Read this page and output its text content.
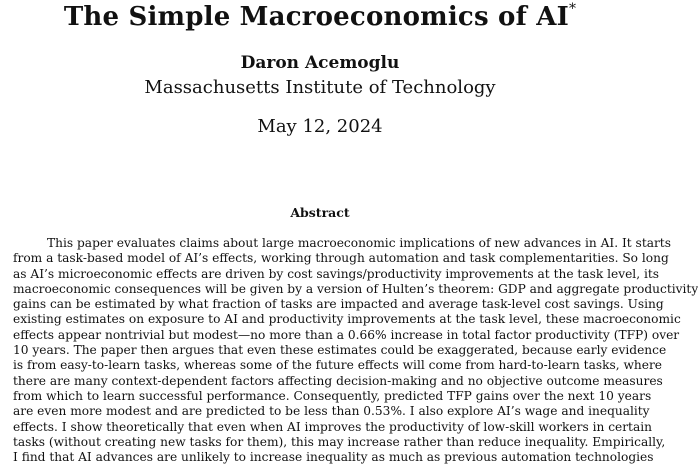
The Simple Macroeconomics of AI*
Daron Acemoglu
Massachusetts Institute of Technology
May 12, 2024
Abstract
This paper evaluates claims about large macroeconomic implications of new advances in AI. It starts
from a task-based model of AI’s effects, working through automation and task complementarities. So long
as AI’s microeconomic effects are driven by cost savings/productivity improvements at the task level, its
macroeconomic consequences will be given by a version of Hulten’s theorem: GDP and aggregate productivity
gains can be estimated by what fraction of tasks are impacted and average task-level cost savings. Using
existing estimates on exposure to AI and productivity improvements at the task level, these macroeconomic
effects appear nontrivial but modest—no more than a 0.66% increase in total factor productivity (TFP) over
10 years. The paper then argues that even these estimates could be exaggerated, because early evidence
is from easy-to-learn tasks, whereas some of the future effects will come from hard-to-learn tasks, where
there are many context-dependent factors affecting decision-making and no objective outcome measures
from which to learn successful performance. Consequently, predicted TFP gains over the next 10 years
are even more modest and are predicted to be less than 0.53%. I also explore AI’s wage and inequality
effects. I show theoretically that even when AI improves the productivity of low-skill workers in certain
tasks (without creating new tasks for them), this may increase rather than reduce inequality. Empirically,
I find that AI advances are unlikely to increase inequality as much as previous automation technologies
